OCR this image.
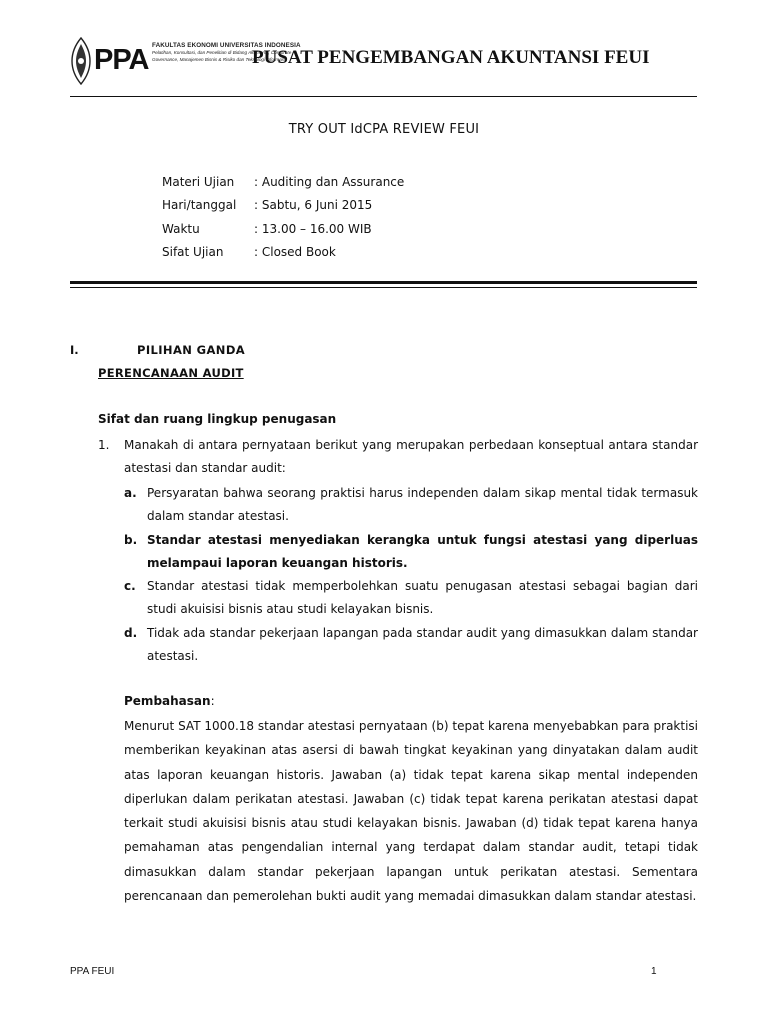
PPA FAKULTAS EKONOMI UNIVERSITAS INDONESIA
Pelatihan, Konsultasi, dan Penelitian di Bidang Akuntansi, Corporate
Governance, Manajemen Bisnis & Risiko dan Teknologi Informasi
PUSAT PENGEMBANGAN AKUNTANSI FEUI
TRY OUT IdCPA REVIEW FEUI
Materi Ujian	: Auditing dan Assurance
Hari/tanggal	: Sabtu, 6 Juni 2015
Waktu	: 13.00 – 16.00 WIB
Sifat Ujian	: Closed Book
I.	PILIHAN GANDA
PERENCANAAN AUDIT
Sifat dan ruang lingkup penugasan
1.	Manakah di antara pernyataan berikut yang merupakan perbedaan konseptual antara standar atestasi dan standar audit:
a. Persyaratan bahwa seorang praktisi harus independen dalam sikap mental tidak termasuk dalam standar atestasi.
b. Standar atestasi menyediakan kerangka untuk fungsi atestasi yang diperluas melampaui laporan keuangan historis.
c. Standar atestasi tidak memperbolehkan suatu penugasan atestasi sebagai bagian dari studi akuisisi bisnis atau studi kelayakan bisnis.
d. Tidak ada standar pekerjaan lapangan pada standar audit yang dimasukkan dalam standar atestasi.
Pembahasan:
Menurut SAT 1000.18 standar atestasi pernyataan (b) tepat karena menyebabkan para praktisi memberikan keyakinan atas asersi di bawah tingkat keyakinan yang dinyatakan dalam audit atas laporan keuangan historis. Jawaban (a) tidak tepat karena sikap mental independen diperlukan dalam perikatan atestasi. Jawaban (c) tidak tepat karena perikatan atestasi dapat terkait studi akuisisi bisnis atau studi kelayakan bisnis. Jawaban (d) tidak tepat karena hanya pemahaman atas pengendalian internal yang terdapat dalam standar audit, tetapi tidak dimasukkan dalam standar pekerjaan lapangan untuk perikatan atestasi. Sementara perencanaan dan pemerolehan bukti audit yang memadai dimasukkan dalam standar atestasi.
PPA FEUI	1
